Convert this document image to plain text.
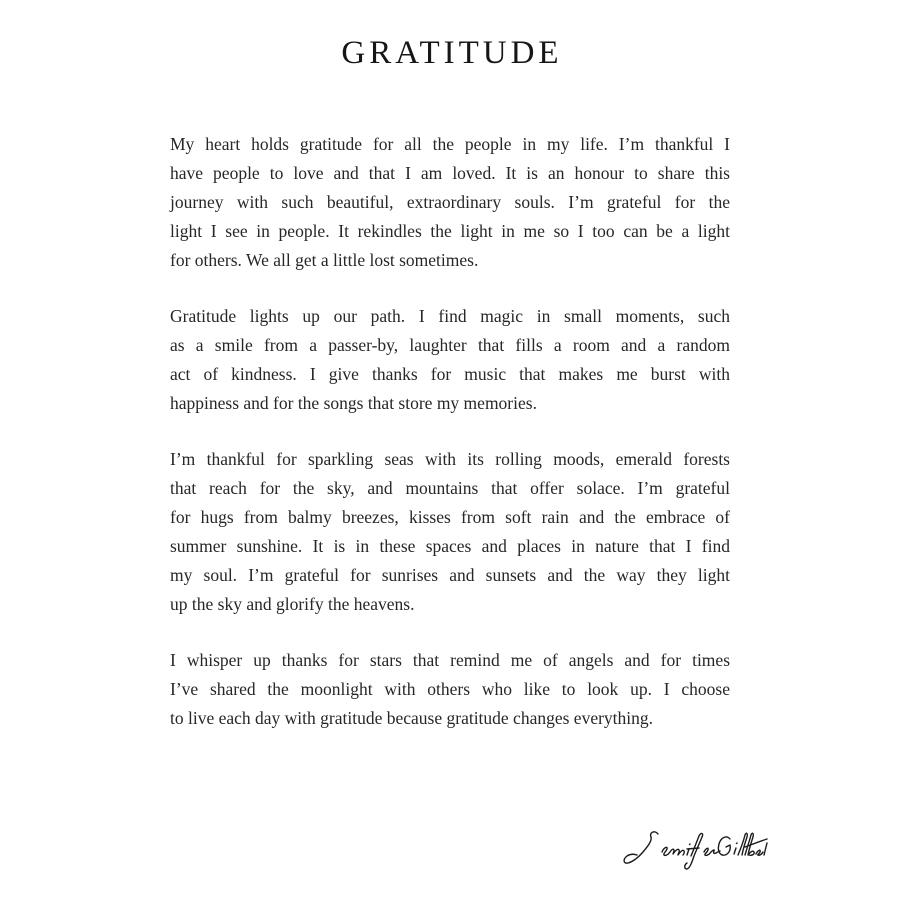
GRATITUDE
My heart holds gratitude for all the people in my life. I’m thankful I
have people to love and that I am loved. It is an honour to share this
journey with such beautiful, extraordinary souls. I’m grateful for the
light I see in people. It rekindles the light in me so I too can be a light
for others. We all get a little lost sometimes.
Gratitude lights up our path. I find magic in small moments, such
as a smile from a passer-by, laughter that fills a room and a random
act of kindness. I give thanks for music that makes me burst with
happiness and for the songs that store my memories.
I’m thankful for sparkling seas with its rolling moods, emerald forests
that reach for the sky, and mountains that offer solace. I’m grateful
for hugs from balmy breezes, kisses from soft rain and the embrace of
summer sunshine. It is in these spaces and places in nature that I find
my soul. I’m grateful for sunrises and sunsets and the way they light
up the sky and glorify the heavens.
I whisper up thanks for stars that remind me of angels and for times
I’ve shared the moonlight with others who like to look up. I choose
to live each day with gratitude because gratitude changes everything.
